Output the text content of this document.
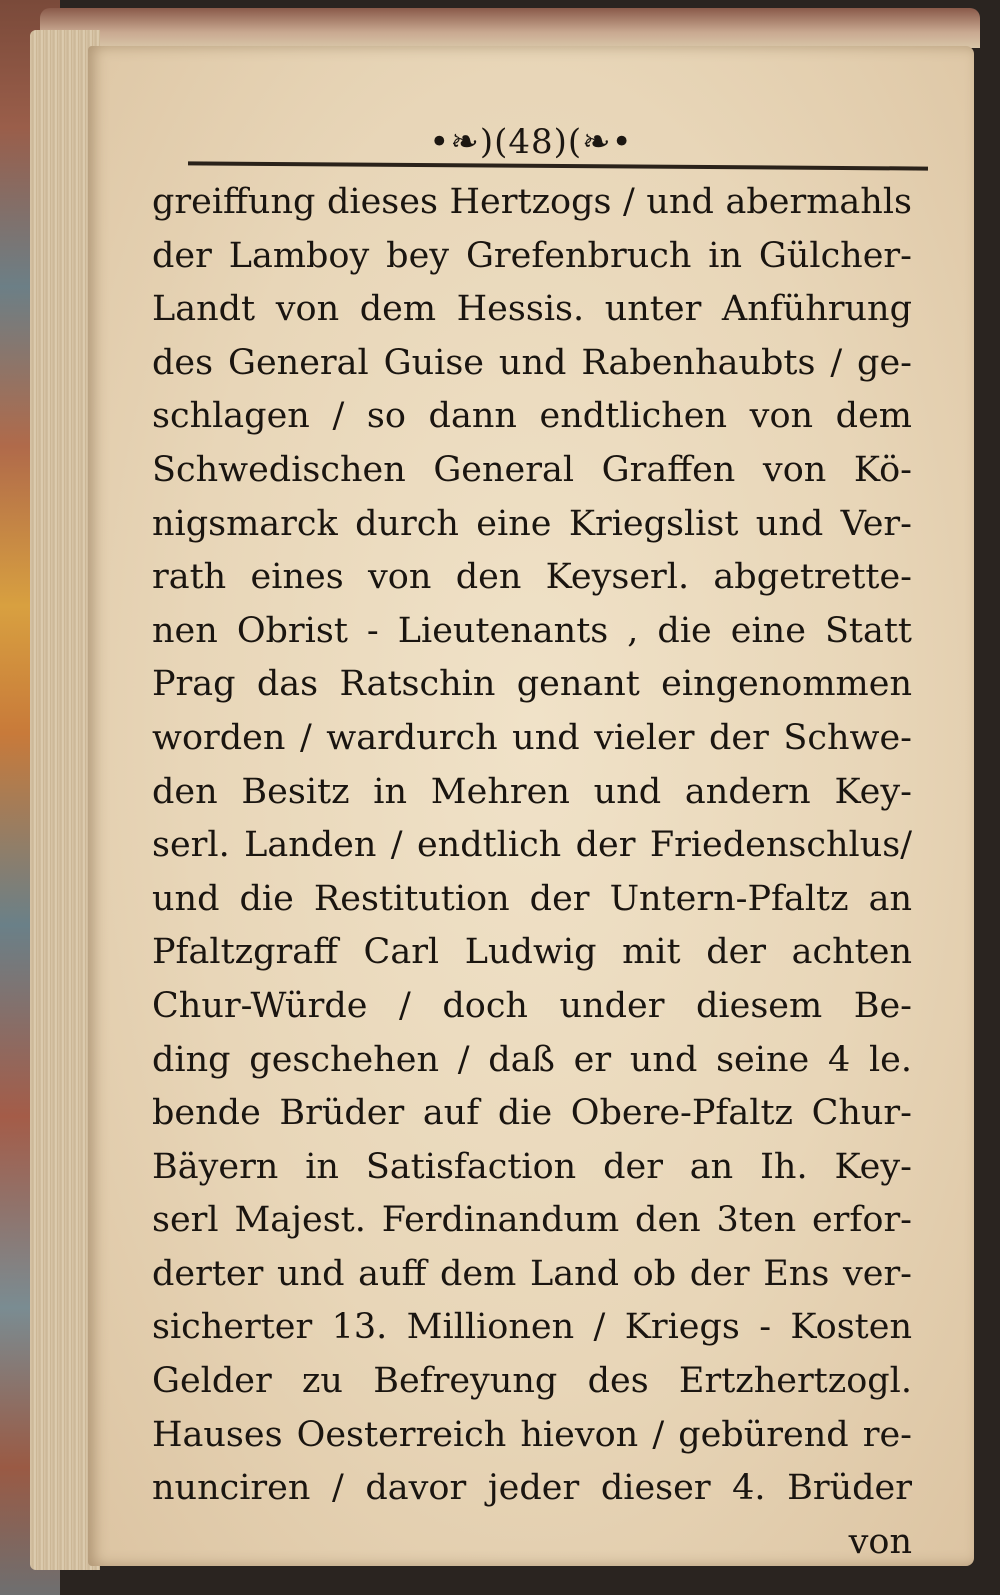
•❧)(48)(❧•
greiffung dieses Hertzogs / und abermahls
der Lamboy bey Grefenbruch in Gülcher-
Landt von dem Hessis. unter Anführung
des General Guise und Rabenhaubts / ge-
schlagen / so dann endtlichen von dem
Schwedischen General Graffen von Kö-
nigsmarck durch eine Kriegslist und Ver-
rath eines von den Keyserl. abgetrette-
nen Obrist - Lieutenants , die eine Statt
Prag das Ratschin genant eingenommen
worden / wardurch und vieler der Schwe-
den Besitz in Mehren und andern Key-
serl. Landen / endtlich der Friedenschlus/
und die Restitution der Untern-Pfaltz an
Pfaltzgraff Carl Ludwig mit der achten
Chur-Würde / doch under diesem Be-
ding geschehen / daß er und seine 4 le.
bende Brüder auf die Obere-Pfaltz Chur-
Bäyern in Satisfaction der an Ih. Key-
serl Majest. Ferdinandum den 3ten erfor-
derter und auff dem Land ob der Ens ver-
sicherter 13. Millionen / Kriegs - Kosten
Gelder zu Befreyung des Ertzhertzogl.
Hauses Oesterreich hievon / gebürend re-
nunciren / davor jeder dieser 4. Brüder
von
